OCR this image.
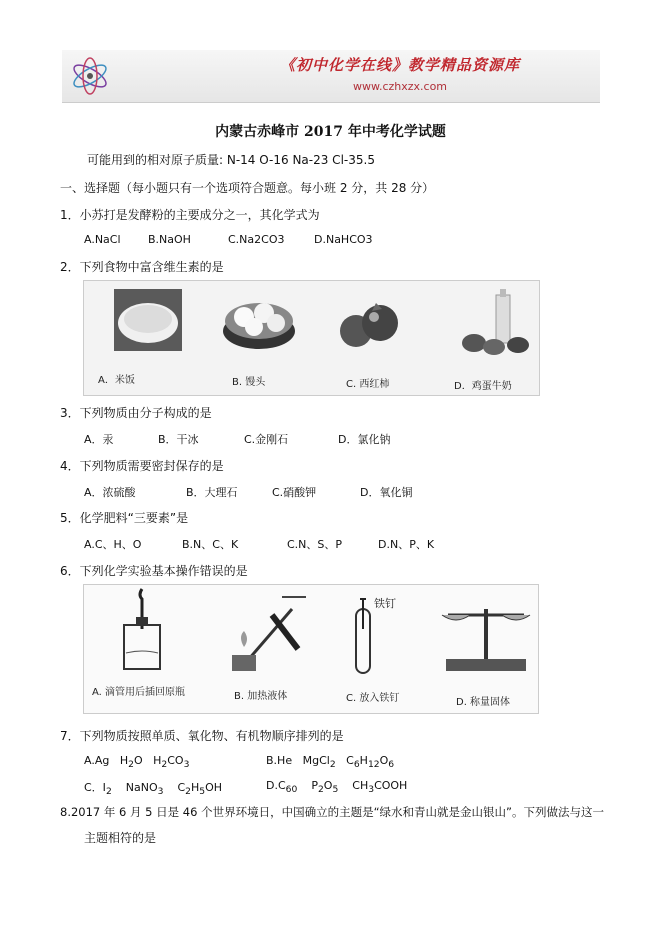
《初中化学在线》教学精品资源库
www.czhxzx.com
内蒙古赤峰市 2017 年中考化学试题
可能用到的相对原子质量: N-14 O-16 Na-23 Cl-35.5
一、选择题（每小题只有一个选项符合题意。每小班 2 分，共 28 分）
1．小苏打是发酵粉的主要成分之一，其化学式为
A.NaCl B.NaOH	C.Na2CO3	D.NaHCO3
2．下列食物中富含维生素的是
A．米饭	B. 馒头	C. 西红柿	D．鸡蛋牛奶
3．下列物质由分子构成的是
A．汞	B．干冰	C.金刚石	D．氯化钠
4．下列物质需要密封保存的是
A．浓硫酸	B．大理石	C.硝酸钾	D．氧化铜
5．化学肥料“三要素”是
A.C、H、O	B.N、C、K	C.N、S、P	D.N、P、K
6．下列化学实验基本操作错误的是
铁钉
A. 滴管用后插回原瓶	B. 加热液体	C. 放入铁钉	D. 称量固体
7．下列物质按照单质、氧化物、有机物顺序排列的是
A.Ag $H_2O$ $H_2CO_3$	B.He MgCl$_2$ $C_6H_{12}O_6$
C．$I_2$ NaNO$_3$ $C_2H_5OH$	$D.C_{60}$ $P_2O_5$ $CH_3COOH$
8.2017 年 6 月 5 日是 46 个世界环境日，中国确立的主题是“绿水和青山就是金山银山”。下列做法与这一
主题相符的是
